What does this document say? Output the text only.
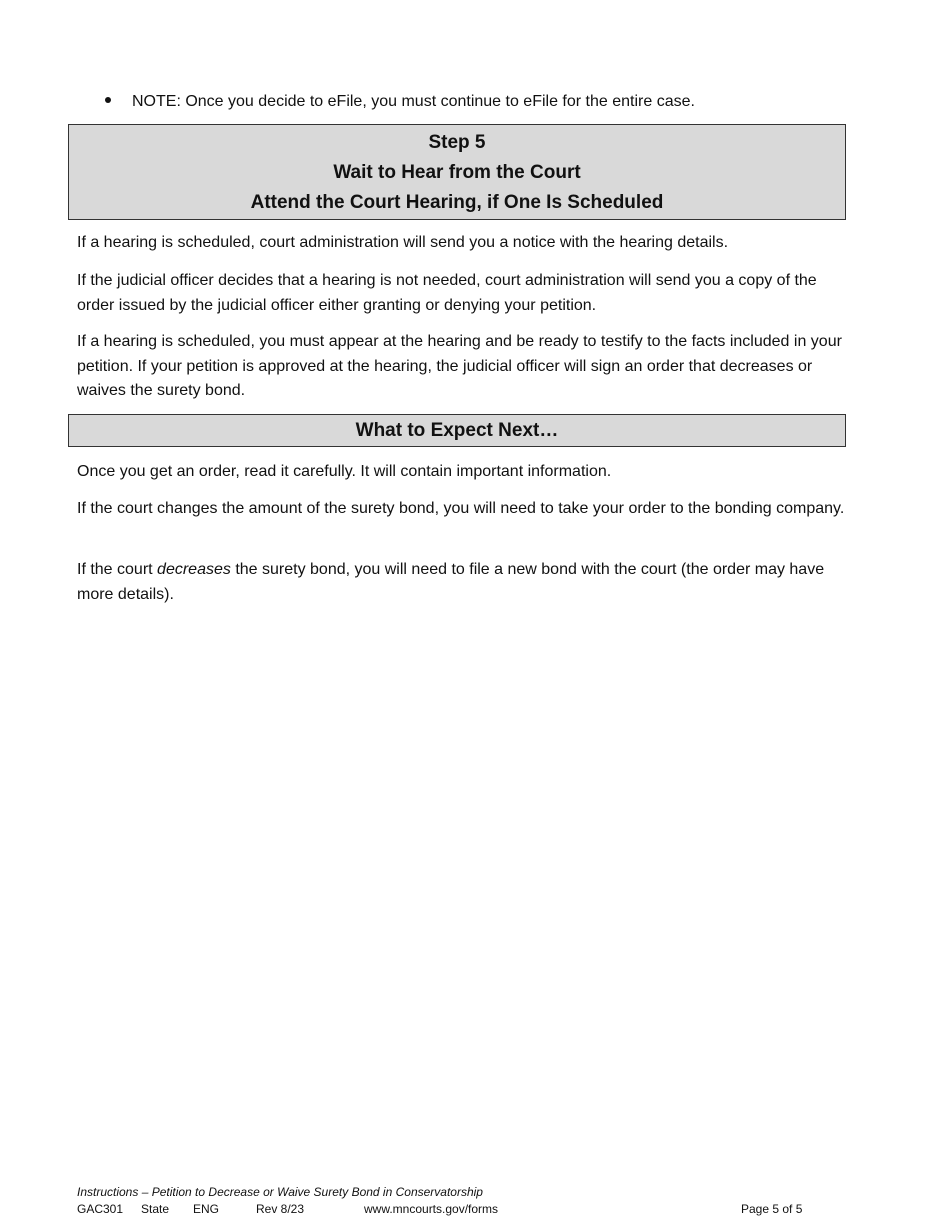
NOTE: Once you decide to eFile, you must continue to eFile for the entire case.
Step 5
Wait to Hear from the Court
Attend the Court Hearing, if One Is Scheduled

If a hearing is scheduled, court administration will send you a notice with the hearing details.

If the judicial officer decides that a hearing is not needed, court administration will send you a copy of the order issued by the judicial officer either granting or denying your petition.

If a hearing is scheduled, you must appear at the hearing and be ready to testify to the facts included in your petition. If your petition is approved at the hearing, the judicial officer will sign an order that decreases or waives the surety bond.

What to Expect Next…

Once you get an order, read it carefully. It will contain important information.

If the court changes the amount of the surety bond, you will need to take your order to the bonding company.

If the court decreases the surety bond, you will need to file a new bond with the court (the order may have more details).

Instructions – Petition to Decrease or Waive Surety Bond in Conservatorship
GAC301 State ENG	Rev 8/23	www.mncourts.gov/forms	Page 5 of 5
